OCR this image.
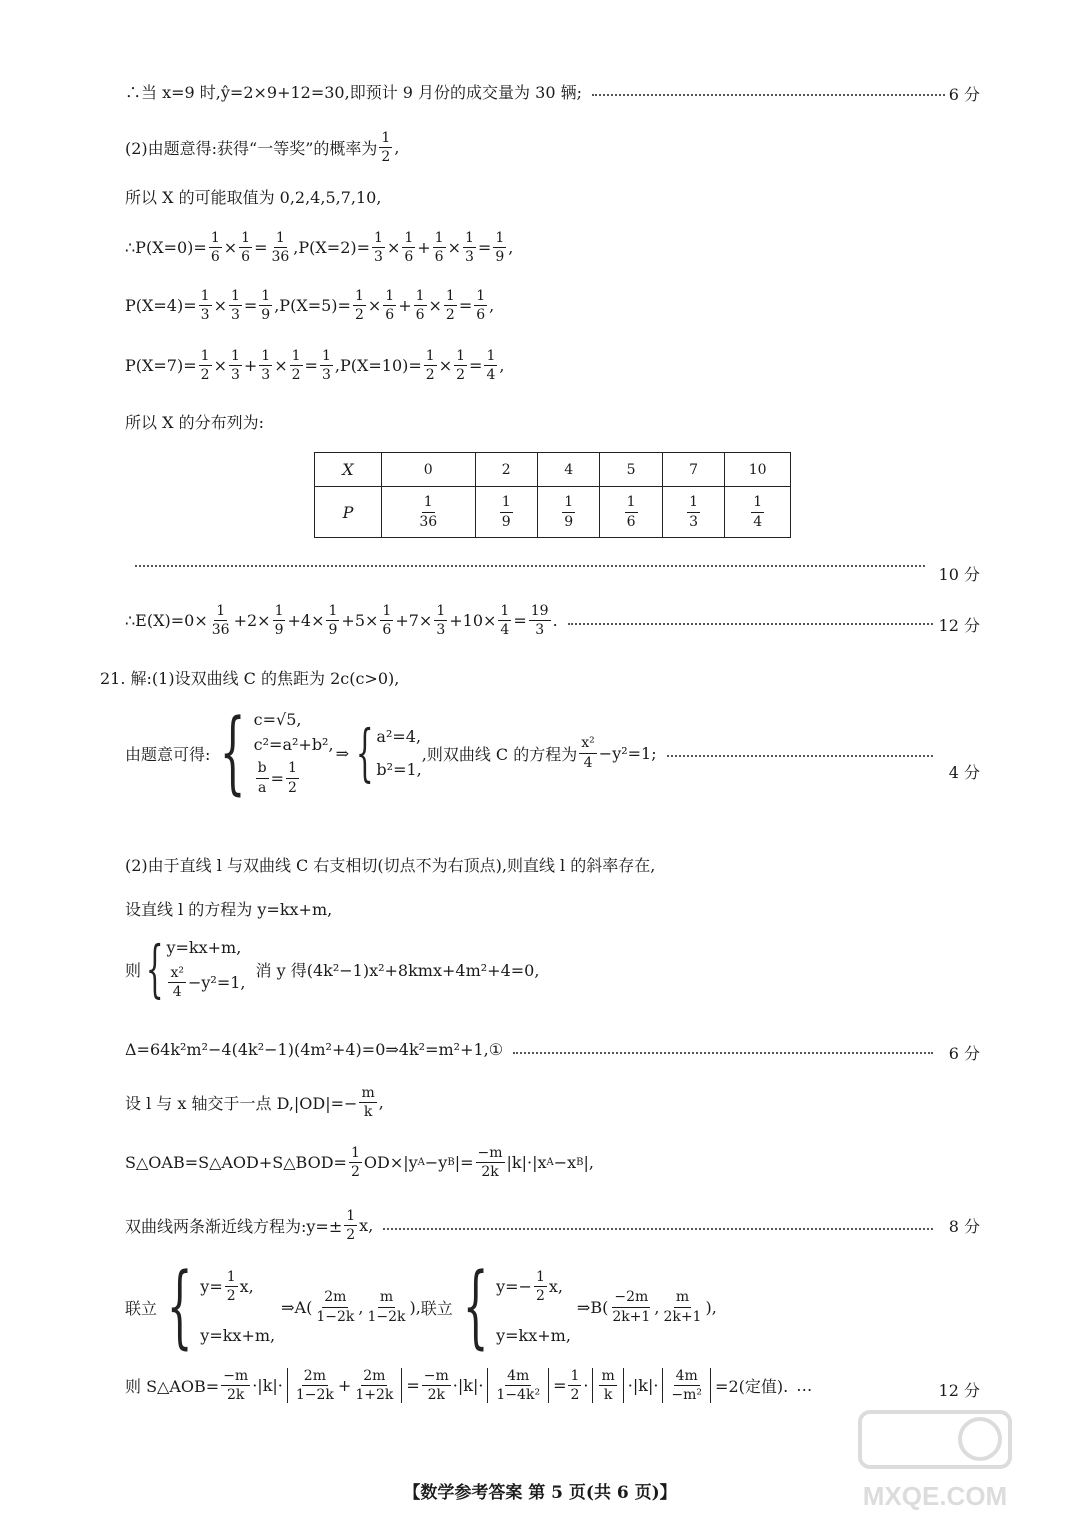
∴当 x=9 时,ŷ=2×9+12=30,即预计 9 月份的成交量为 30 辆;	6 分
(2)由题意得:获得“一等奖”的概率为 $\frac{1}{2}$ ,
所以 X 的可能取值为 0,2,4,5,7,10,
∴P(X=0)= $\frac{1}{6} \times \frac{1}{6} = \frac{1}{36} ,P(X=2)= \frac{1}{3} \times \frac{1}{6} + \frac{1}{6} \times \frac{1}{3} = \frac{1}{9}$ ,
$P(X=4)= \frac{1}{3} \times \frac{1}{3} = \frac{1}{9} ,P(X=5)= \frac{1}{2} \times \frac{1}{6} + \frac{1}{6} \times \frac{1}{2} = \frac{1}{6}$ ,
$P(X=7)= \frac{1}{2} \times \frac{1}{3} + \frac{1}{3} \times \frac{1}{2} = \frac{1}{3} ,P(X=10)= \frac{1}{2} \times \frac{1}{2} = \frac{1}{4}$ ,
所以 X 的分布列为:
X	0	2	4	5	7	10
P	$\frac{1}{36}$	$\frac{1}{9}$	$\frac{1}{9}$	$\frac{1}{6}$	$\frac{1}{3}$	$\frac{1}{4}$
10 分
∴E(X)=0× $\frac{1}{36} +2\times \frac{1}{9} +4\times \frac{1}{9} +5\times \frac{1}{6} +7\times \frac{1}{3} +10\times \frac{1}{4} = \frac{19}{3}$ .	12 分
21. 解:(1)设双曲线 C 的焦距为 2c(c>0),
由题意可得: { c=√5,
c²=a²+b²,
$\frac{b}{a} = \frac{1}{2}$
⇒ { a²=4,
b²=1,
,则双曲线 C 的方程为 $\frac{\text{x²}}{4} -y^2=1$;
4 分
(2)由于直线 l 与双曲线 C 右支相切(切点不为右顶点),则直线 l 的斜率存在,
设直线 l 的方程为 y=kx+m,
则 { y=kx+m,
$\frac{\text{x²}}{4} -y^2=1$,
消 y 得(4k²−1)x²+8kmx+4m²+4=0,
Δ=64k²m²−4(4k²−1)(4m²+4)=0⇒4k²=m²+1,①	6 分
设 l 与 x 轴交于一点 $D,|OD|=- \frac{m}{k}$ ,
S△OAB=S△AOD+S△BOD= $\frac{1}{2} OD\times|y$ A −y B |= $\frac{-m}{2k} |k|\cdot|x$ A −x B |,
双曲线两条渐近线方程为:y=± $\frac{1}{2} x$,	8 分
联立 { $y= \frac{1}{2} x$,
y=kx+m,
⇒A( $\frac{2m}{1-2k}$ , $\frac{m}{1-2k}$ ), 联立 { $y=- \frac{1}{2} x$,
y=kx+m,
⇒B( $\frac{-2m}{2k+1}$ , $\frac{m}{2k+1}$ ),
则 S△AOB= $\frac{-m}{2k} \cdot|k|\cdot \frac{2m}{1-2k} + \frac{2m}{1+2k} = \frac{-m}{2k} \cdot|k|\cdot \frac{4m}{\text{1−4k²}} = \frac{1}{2} \cdot \frac{m}{k} \cdot|k|\cdot \frac{4m}{\text{−m²}} =2$(定值). …	12 分
【数学参考答案 第 5 页(共 6 页)】	MXQE.COM
